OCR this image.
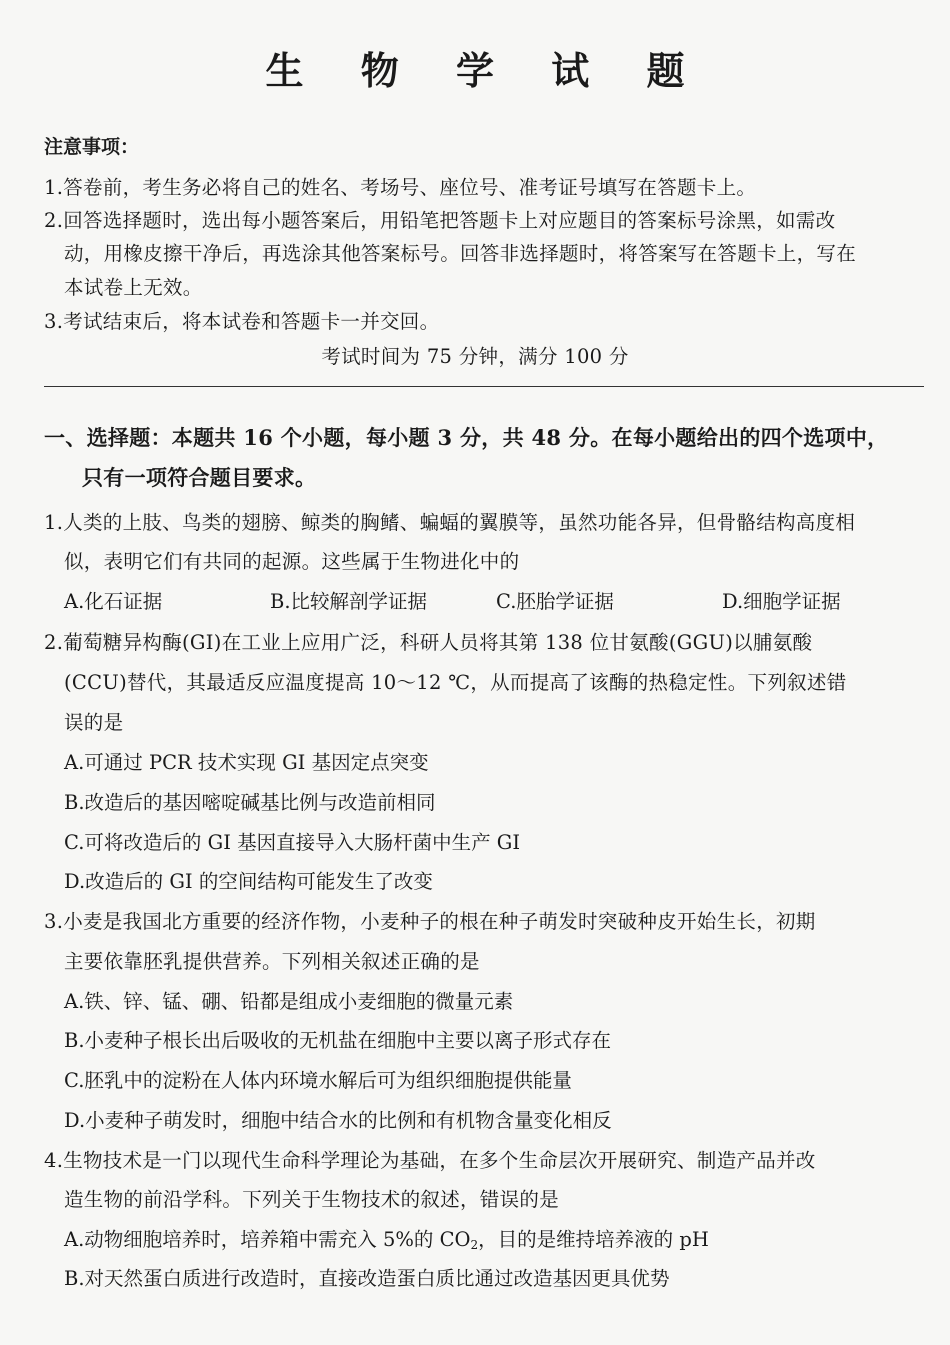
生 物 学 试 题
注意事项：
1.答卷前，考生务必将自己的姓名、考场号、座位号、准考证号填写在答题卡上。
2.回答选择题时，选出每小题答案后，用铅笔把答题卡上对应题目的答案标号涂黑，如需改
动，用橡皮擦干净后，再选涂其他答案标号。回答非选择题时，将答案写在答题卡上，写在
本试卷上无效。
3.考试结束后，将本试卷和答题卡一并交回。
考试时间为 75 分钟，满分 100 分
一、选择题：本题共 16 个小题，每小题 3 分，共 48 分。在每小题给出的四个选项中，
只有一项符合题目要求。
1.人类的上肢、鸟类的翅膀、鲸类的胸鳍、蝙蝠的翼膜等，虽然功能各异，但骨骼结构高度相
似，表明它们有共同的起源。这些属于生物进化中的
A.化石证据	B.比较解剖学证据	C.胚胎学证据	D.细胞学证据
2.葡萄糖异构酶(GI)在工业上应用广泛，科研人员将其第 138 位甘氨酸(GGU)以脯氨酸
(CCU)替代，其最适反应温度提高 10～12 ℃，从而提高了该酶的热稳定性。下列叙述错
误的是
A.可通过 PCR 技术实现 GI 基因定点突变
B.改造后的基因嘧啶碱基比例与改造前相同
C.可将改造后的 GI 基因直接导入大肠杆菌中生产 GI
D.改造后的 GI 的空间结构可能发生了改变
3.小麦是我国北方重要的经济作物，小麦种子的根在种子萌发时突破种皮开始生长，初期
主要依靠胚乳提供营养。下列相关叙述正确的是
A.铁、锌、锰、硼、铅都是组成小麦细胞的微量元素
B.小麦种子根长出后吸收的无机盐在细胞中主要以离子形式存在
C.胚乳中的淀粉在人体内环境水解后可为组织细胞提供能量
D.小麦种子萌发时，细胞中结合水的比例和有机物含量变化相反
4.生物技术是一门以现代生命科学理论为基础，在多个生命层次开展研究、制造产品并改
造生物的前沿学科。下列关于生物技术的叙述，错误的是
A.动物细胞培养时，培养箱中需充入 5%的 $CO_2$，目的是维持培养液的 pH
B.对天然蛋白质进行改造时，直接改造蛋白质比通过改造基因更具优势
